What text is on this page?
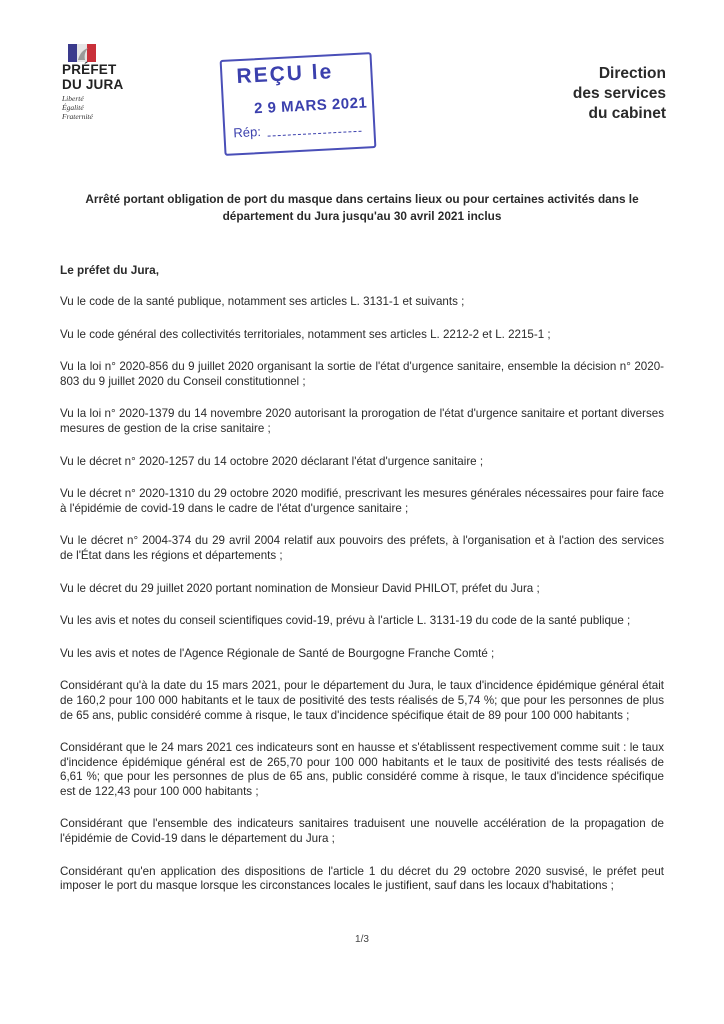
PRÉFET
DU JURA
Liberté
Égalité
Fraternité
REÇU le
2 9 MARS 2021
Rép:
Direction
des services
du cabinet
Arrêté portant obligation de port du masque dans certains lieux ou pour certaines activités dans le département du Jura jusqu'au 30 avril 2021 inclus

Le préfet du Jura,

Vu le code de la santé publique, notamment ses articles L. 3131-1 et suivants ;

Vu le code général des collectivités territoriales, notamment ses articles L. 2212-2 et L. 2215-1 ;

Vu la loi n° 2020-856 du 9 juillet 2020 organisant la sortie de l'état d'urgence sanitaire, ensemble la décision n° 2020-803 du 9 juillet 2020 du Conseil constitutionnel ;

Vu la loi n° 2020-1379 du 14 novembre 2020 autorisant la prorogation de l'état d'urgence sanitaire et portant diverses mesures de gestion de la crise sanitaire ;

Vu le décret n° 2020-1257 du 14 octobre 2020 déclarant l'état d'urgence sanitaire ;

Vu le décret n° 2020-1310 du 29 octobre 2020 modifié, prescrivant les mesures générales nécessaires pour faire face à l'épidémie de covid-19 dans le cadre de l'état d'urgence sanitaire ;

Vu le décret n° 2004-374 du 29 avril 2004 relatif aux pouvoirs des préfets, à l'organisation et à l'action des services de l'État dans les régions et départements ;

Vu le décret du 29 juillet 2020 portant nomination de Monsieur David PHILOT, préfet du Jura ;

Vu les avis et notes du conseil scientifiques covid-19, prévu à l'article L. 3131-19 du code de la santé publique ;

Vu les avis et notes de l'Agence Régionale de Santé de Bourgogne Franche Comté ;

Considérant qu'à la date du 15 mars 2021, pour le département du Jura, le taux d'incidence épidémique général était de 160,2 pour 100 000 habitants et le taux de positivité des tests réalisés de 5,74 %; que pour les personnes de plus de 65 ans, public considéré comme à risque, le taux d'incidence spécifique était de 89 pour 100 000 habitants ;

Considérant que le 24 mars 2021 ces indicateurs sont en hausse et s'établissent respectivement comme suit : le taux d'incidence épidémique général est de 265,70 pour 100 000 habitants et le taux de positivité des tests réalisés de 6,61 %; que pour les personnes de plus de 65 ans, public considéré comme à risque, le taux d'incidence spécifique est de 122,43 pour 100 000 habitants ;

Considérant que l'ensemble des indicateurs sanitaires traduisent une nouvelle accélération de la propagation de l'épidémie de Covid-19 dans le département du Jura ;

Considérant qu'en application des dispositions de l'article 1 du décret du 29 octobre 2020 susvisé, le préfet peut imposer le port du masque lorsque les circonstances locales le justifient, sauf dans les locaux d'habitations ;

1/3
